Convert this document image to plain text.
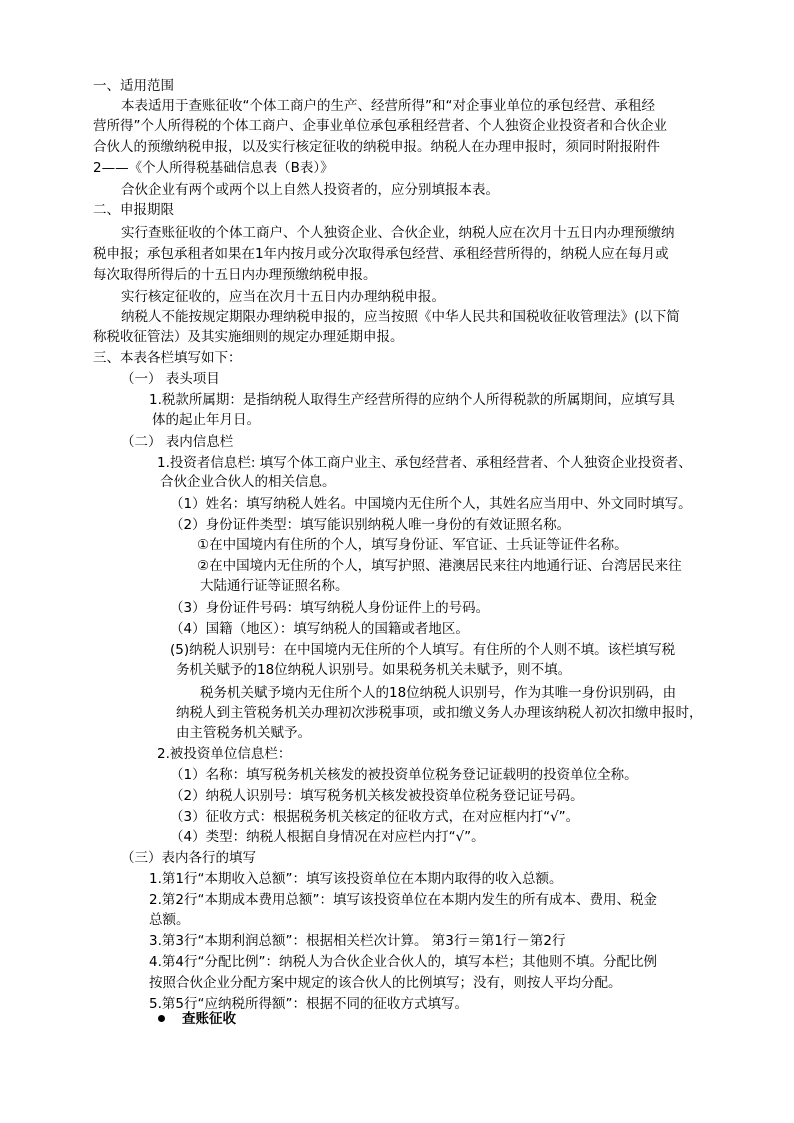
一、适用范围
本表适用于查账征收“个体工商户的生产、经营所得”和“对企事业单位的承包经营、承租经
营所得”个人所得税的个体工商户、企事业单位承包承租经营者、个人独资企业投资者和合伙企业
合伙人的预缴纳税申报，以及实行核定征收的纳税申报。纳税人在办理申报时，须同时附报附件
2——《个人所得税基础信息表（B表）》
合伙企业有两个或两个以上自然人投资者的，应分别填报本表。
二、申报期限
实行查账征收的个体工商户、个人独资企业、合伙企业，纳税人应在次月十五日内办理预缴纳
税申报；承包承租者如果在1年内按月或分次取得承包经营、承租经营所得的，纳税人应在每月或
每次取得所得后的十五日内办理预缴纳税申报。
实行核定征收的，应当在次月十五日内办理纳税申报。
纳税人不能按规定期限办理纳税申报的，应当按照《中华人民共和国税收征收管理法》(以下简
称税收征管法）及其实施细则的规定办理延期申报。
三、本表各栏填写如下：
（一） 表头项目
1.税款所属期：是指纳税人取得生产经营所得的应纳个人所得税款的所属期间，应填写具
体的起止年月日。
（二） 表内信息栏
1.投资者信息栏: 填写个体工商户业主、承包经营者、承租经营者、个人独资企业投资者、
合伙企业合伙人的相关信息。
（1）姓名：填写纳税人姓名。中国境内无住所个人，其姓名应当用中、外文同时填写。
（2）身份证件类型：填写能识别纳税人唯一身份的有效证照名称。
①在中国境内有住所的个人，填写身份证、军官证、士兵证等证件名称。
②在中国境内无住所的个人，填写护照、港澳居民来往内地通行证、台湾居民来往
大陆通行证等证照名称。
（3）身份证件号码：填写纳税人身份证件上的号码。
（4）国籍（地区）：填写纳税人的国籍或者地区。
(5)纳税人识别号：在中国境内无住所的个人填写。有住所的个人则不填。该栏填写税
务机关赋予的18位纳税人识别号。如果税务机关未赋予，则不填。
税务机关赋予境内无住所个人的18位纳税人识别号，作为其唯一身份识别码，由
纳税人到主管税务机关办理初次涉税事项，或扣缴义务人办理该纳税人初次扣缴申报时，
由主管税务机关赋予。
2.被投资单位信息栏：
（1）名称：填写税务机关核发的被投资单位税务登记证载明的投资单位全称。
（2）纳税人识别号：填写税务机关核发被投资单位税务登记证号码。
（3）征收方式：根据税务机关核定的征收方式，在对应框内打“√”。
（4）类型：纳税人根据自身情况在对应栏内打“√”。
（三）表内各行的填写
1.第1行“本期收入总额”：填写该投资单位在本期内取得的收入总额。
2.第2行“本期成本费用总额”：填写该投资单位在本期内发生的所有成本、费用、税金
总额。
3.第3行“本期利润总额”：根据相关栏次计算。 第3行＝第1行－第2行
4.第4行“分配比例”：纳税人为合伙企业合伙人的，填写本栏；其他则不填。分配比例
按照合伙企业分配方案中规定的该合伙人的比例填写；没有，则按人平均分配。
5.第5行“应纳税所得额”：根据不同的征收方式填写。
查账征收
